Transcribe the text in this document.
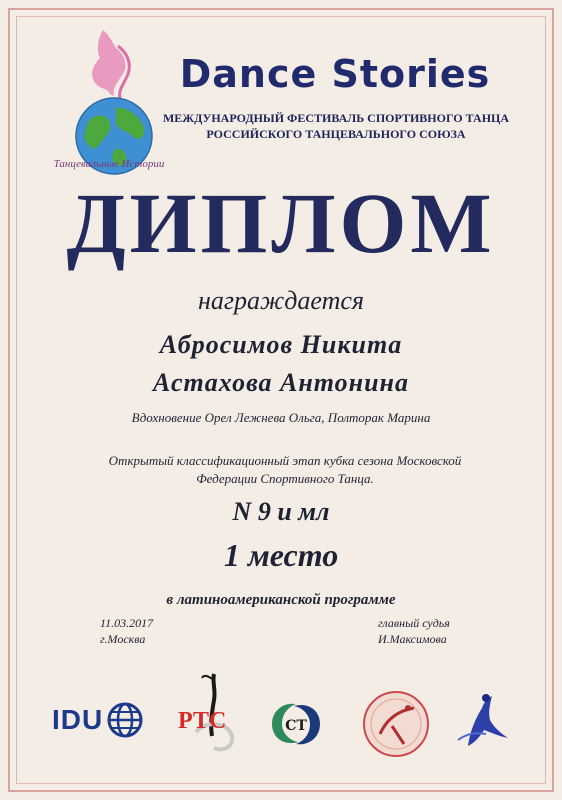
Танцевальные Истории
Dance Stories
МЕЖДУНАРОДНЫЙ ФЕСТИВАЛЬ СПОРТИВНОГО ТАНЦА
РОССИЙСКОГО ТАНЦЕВАЛЬНОГО СОЮЗА
ДИПЛОМ
награждается
Абросимов Никита
Астахова Антонина
Вдохновение Орел Лежнева Ольга, Полторак Марина
Открытый классификационный этап кубка сезона Московской
Федерации Спортивного Танца.
N 9 и мл
1 место
в латиноамериканской программе
11.03.2017
г.Москва
главный судья
И.Максимова
IDU	РТС	СТ
